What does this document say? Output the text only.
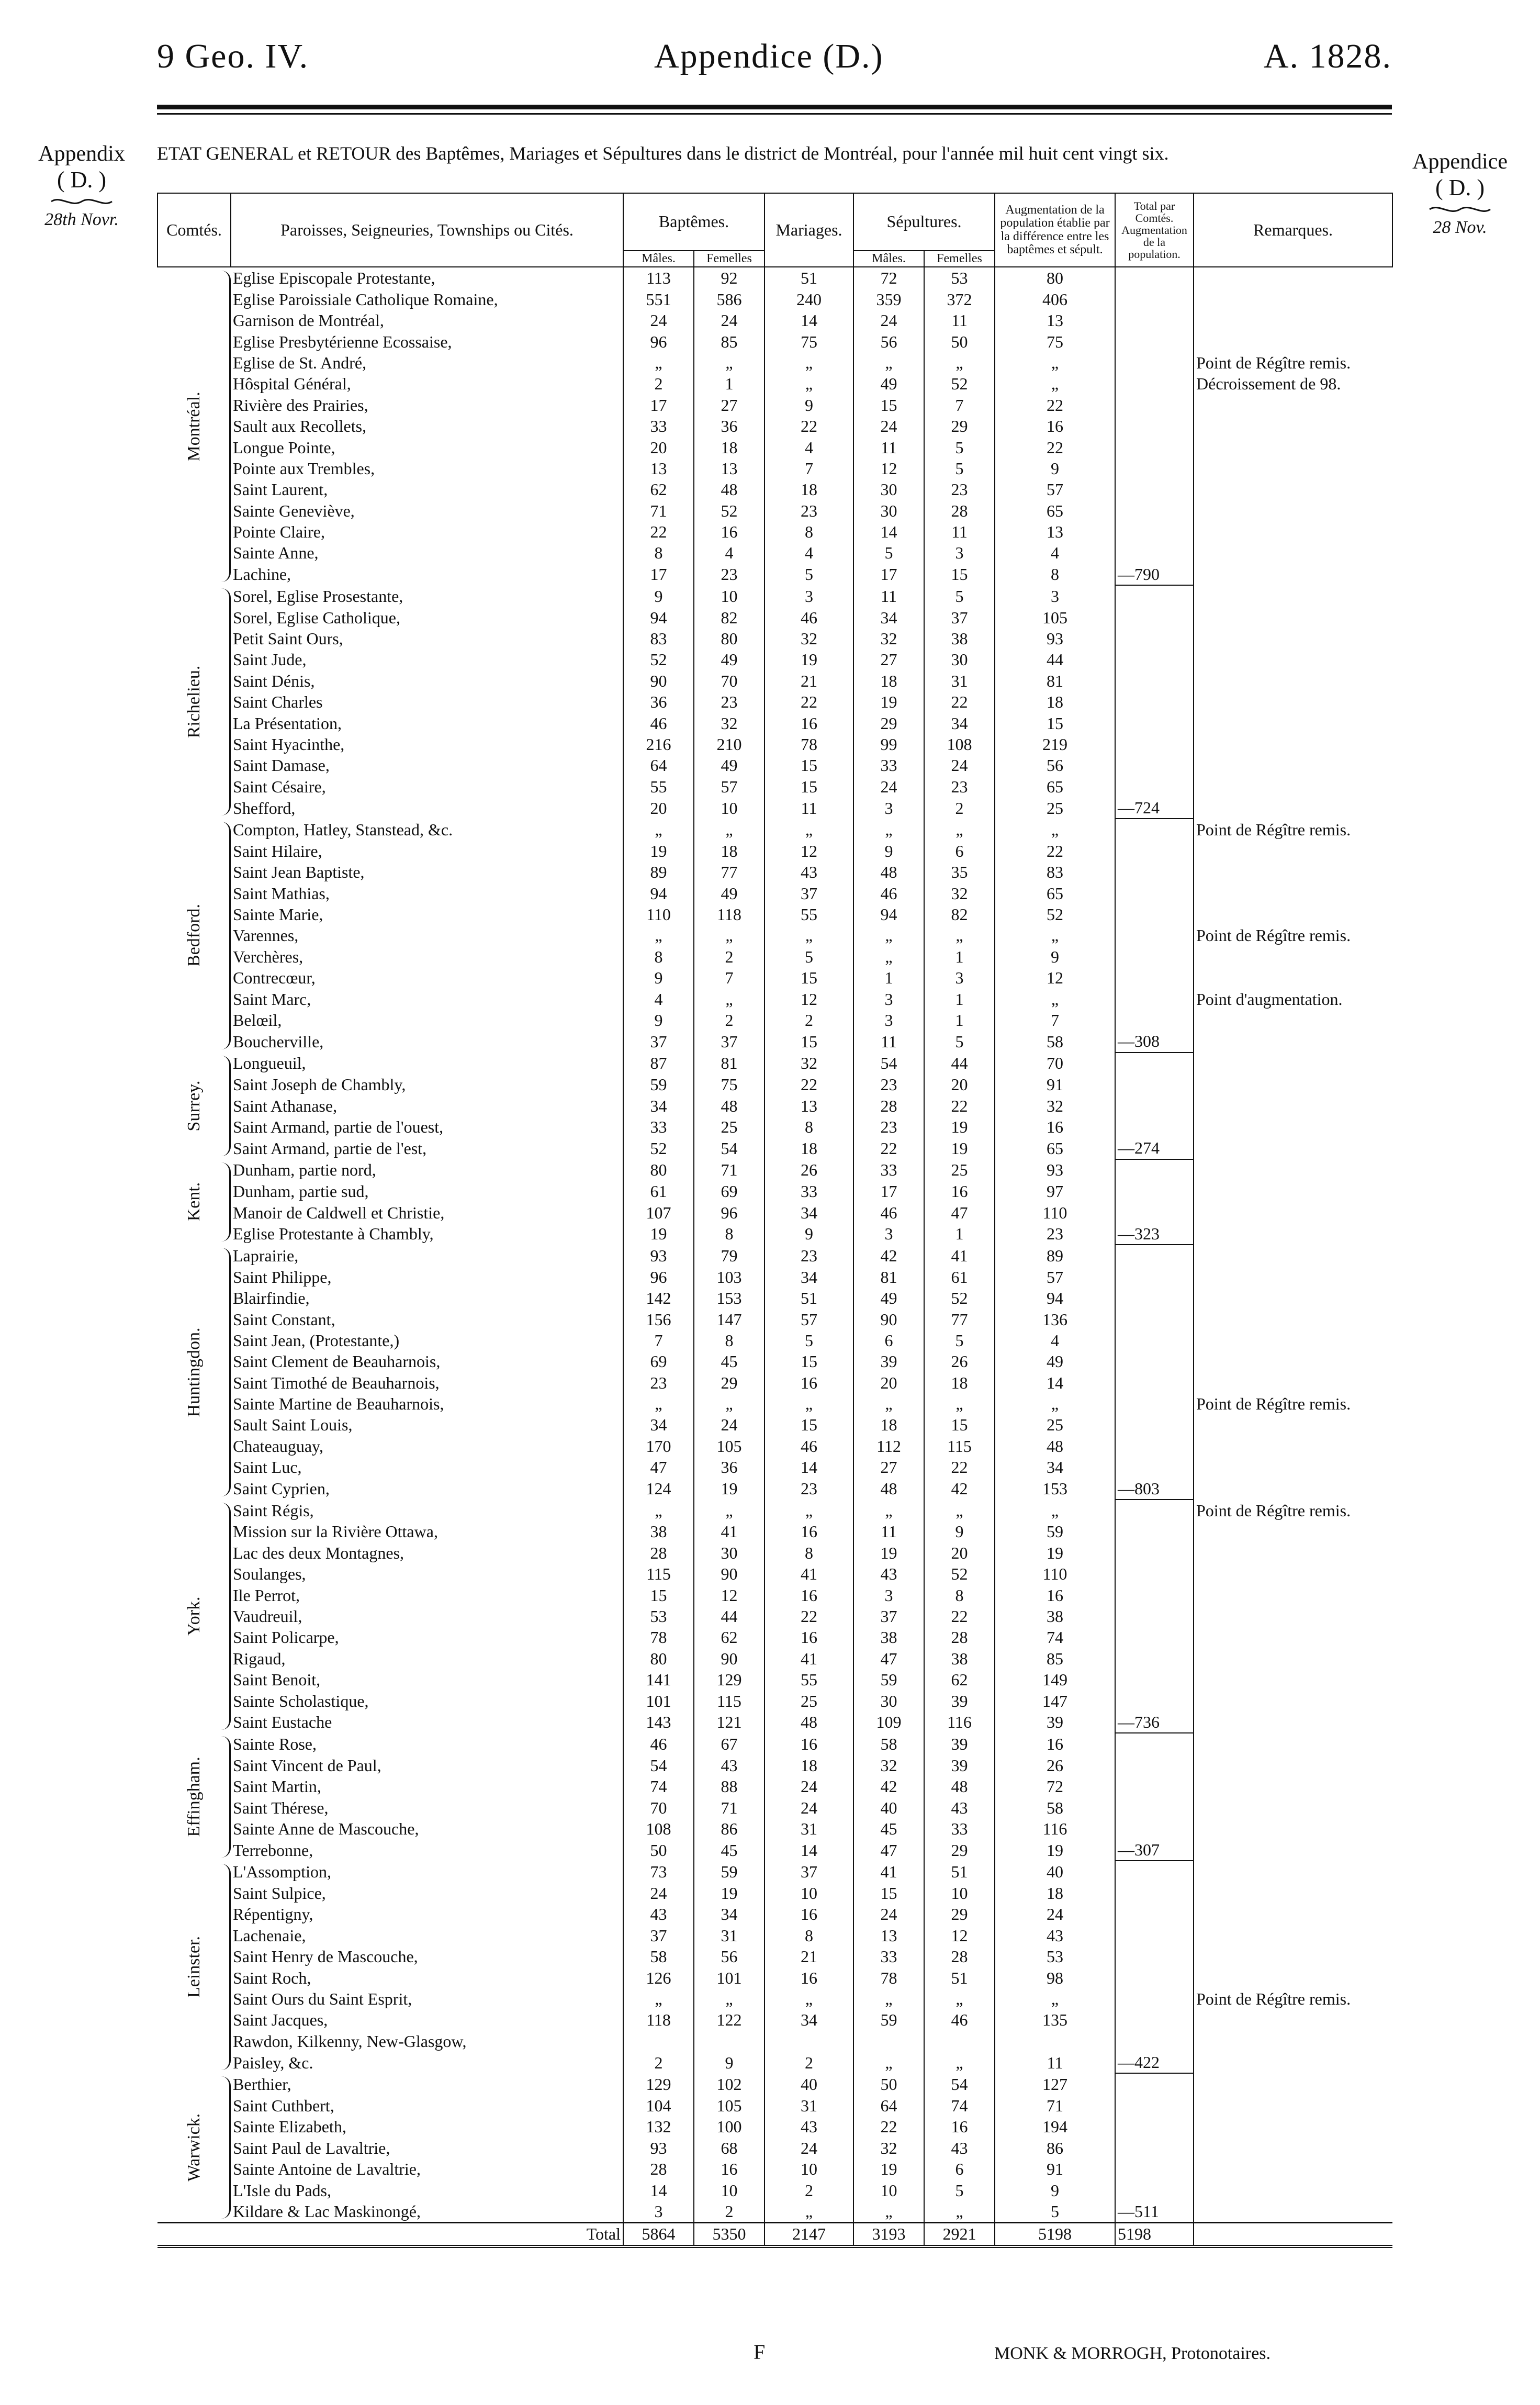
9 Geo. IV.	Appendice (D.)	A. 1828.
Appendix
( D. )
28th Novr.
Appendice
( D. )
28 Nov.
ETAT GENERAL et RETOUR des Baptêmes, Mariages et Sépultures dans le district de Montréal, pour l'année mil huit cent vingt six.
Comtés.	Paroisses, Seigneuries, Townships ou Cités.	Baptêmes.		Mariages.	Sépultures.		Augmentation de la population établie par la différence entre les baptêmes et sépult.	Total par Comtés. Augmentation de la population.	Remarques.
		Mâles.	Femelles		Mâles.	Femelles			

Montréal.	Eglise Episcopale Protestante,	113	92	51	72	53	80		
	Eglise Paroissiale Catholique Romaine,	551	586	240	359	372	406		
	Garnison de Montréal,	24	24	14	24	11	13		
	Eglise Presbytérienne Ecossaise,	96	85	75	56	50	75		
	Eglise de St. André,	„	„	„	„	„	„		Point de Régître remis.
	Hôspital Général,	2	1	„	49	52	„		Décroissement de 98.
	Rivière des Prairies,	17	27	9	15	7	22		
	Sault aux Recollets,	33	36	22	24	29	16		
	Longue Pointe,	20	18	4	11	5	22		
	Pointe aux Trembles,	13	13	7	12	5	9		
	Saint Laurent,	62	48	18	30	23	57		
	Sainte Geneviève,	71	52	23	30	28	65		
	Pointe Claire,	22	16	8	14	11	13		
	Sainte Anne,	8	4	4	5	3	4		
	Lachine,	17	23	5	17	15	8	—790	

Richelieu.	Sorel, Eglise Prosestante,	9	10	3	11	5	3		
	Sorel, Eglise Catholique,	94	82	46	34	37	105		
	Petit Saint Ours,	83	80	32	32	38	93		
	Saint Jude,	52	49	19	27	30	44		
	Saint Dénis,	90	70	21	18	31	81		
	Saint Charles	36	23	22	19	22	18		
	La Présentation,	46	32	16	29	34	15		
	Saint Hyacinthe,	216	210	78	99	108	219		
	Saint Damase,	64	49	15	33	24	56		
	Saint Césaire,	55	57	15	24	23	65		
	Shefford,	20	10	11	3	2	25	—724	

Bedford.	Compton, Hatley, Stanstead, &c.	„	„	„	„	„	„		Point de Régître remis.
	Saint Hilaire,	19	18	12	9	6	22		
	Saint Jean Baptiste,	89	77	43	48	35	83		
	Saint Mathias,	94	49	37	46	32	65		
	Sainte Marie,	110	118	55	94	82	52		
	Varennes,	„	„	„	„	„	„		Point de Régître remis.
	Verchères,	8	2	5	„	1	9		
	Contrecœur,	9	7	15	1	3	12		
	Saint Marc,	4	„	12	3	1	„		Point d'augmentation.
	Belœil,	9	2	2	3	1	7		
	Boucherville,	37	37	15	11	5	58	—308	

Surrey.	Longueuil,	87	81	32	54	44	70		
	Saint Joseph de Chambly,	59	75	22	23	20	91		
	Saint Athanase,	34	48	13	28	22	32		
	Saint Armand, partie de l'ouest,	33	25	8	23	19	16		
	Saint Armand, partie de l'est,	52	54	18	22	19	65	—274	

Kent.	Dunham, partie nord,	80	71	26	33	25	93		
	Dunham, partie sud,	61	69	33	17	16	97		
	Manoir de Caldwell et Christie,	107	96	34	46	47	110		
	Eglise Protestante à Chambly,	19	8	9	3	1	23	—323	

Huntingdon.	Laprairie,	93	79	23	42	41	89		
	Saint Philippe,	96	103	34	81	61	57		
	Blairfindie,	142	153	51	49	52	94		
	Saint Constant,	156	147	57	90	77	136		
	Saint Jean, (Protestante,)	7	8	5	6	5	4		
	Saint Clement de Beauharnois,	69	45	15	39	26	49		
	Saint Timothé de Beauharnois,	23	29	16	20	18	14		
	Sainte Martine de Beauharnois,	„	„	„	„	„	„		Point de Régître remis.
	Sault Saint Louis,	34	24	15	18	15	25		
	Chateauguay,	170	105	46	112	115	48		
	Saint Luc,	47	36	14	27	22	34		
	Saint Cyprien,	124	19	23	48	42	153	—803	

York.	Saint Régis,	„	„	„	„	„	„		Point de Régître remis.
	Mission sur la Rivière Ottawa,	38	41	16	11	9	59		
	Lac des deux Montagnes,	28	30	8	19	20	19		
	Soulanges,	115	90	41	43	52	110		
	Ile Perrot,	15	12	16	3	8	16		
	Vaudreuil,	53	44	22	37	22	38		
	Saint Policarpe,	78	62	16	38	28	74		
	Rigaud,	80	90	41	47	38	85		
	Saint Benoit,	141	129	55	59	62	149		
	Sainte Scholastique,	101	115	25	30	39	147		
	Saint Eustache	143	121	48	109	116	39	—736	

Effingham.	Sainte Rose,	46	67	16	58	39	16		
	Saint Vincent de Paul,	54	43	18	32	39	26		
	Saint Martin,	74	88	24	42	48	72		
	Saint Thérese,	70	71	24	40	43	58		
	Sainte Anne de Mascouche,	108	86	31	45	33	116		
	Terrebonne,	50	45	14	47	29	19	—307	

Leinster.	L'Assomption,	73	59	37	41	51	40		
	Saint Sulpice,	24	19	10	15	10	18		
	Répentigny,	43	34	16	24	29	24		
	Lachenaie,	37	31	8	13	12	43		
	Saint Henry de Mascouche,	58	56	21	33	28	53		
	Saint Roch,	126	101	16	78	51	98		
	Saint Ours du Saint Esprit,	„	„	„	„	„	„		Point de Régître remis.
	Saint Jacques,	118	122	34	59	46	135		
	Rawdon, Kilkenny, New-Glasgow,								
	Paisley, &c.	2	9	2	„	„	11	—422	

Warwick.	Berthier,	129	102	40	50	54	127		
	Saint Cuthbert,	104	105	31	64	74	71		
	Sainte Elizabeth,	132	100	43	22	16	194		
	Saint Paul de Lavaltrie,	93	68	24	32	43	86		
	Sainte Antoine de Lavaltrie,	28	16	10	19	6	91		
	L'Isle du Pads,	14	10	2	10	5	9		
	Kildare & Lac Maskinongé,	3	2	„	„	„	5	—511	
	Total	5864	5350	2147	3193	2921	5198	5198	
F	MONK & MORROGH, Protonotaires.
